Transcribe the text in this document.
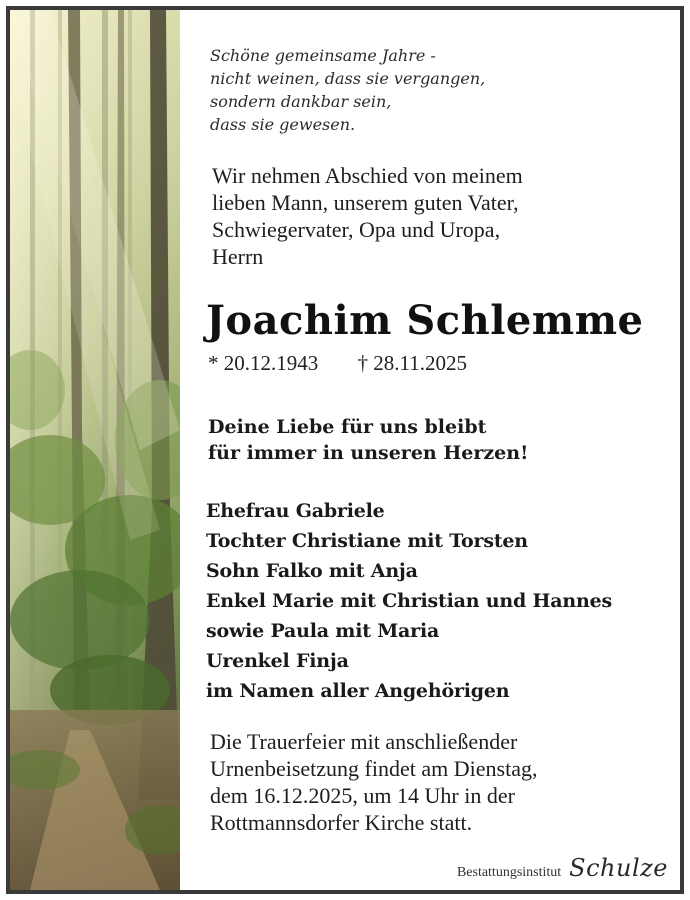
Schöne gemeinsame Jahre -
nicht weinen, dass sie vergangen,
sondern dankbar sein,
dass sie gewesen.
Wir nehmen Abschied von meinem
lieben Mann, unserem guten Vater,
Schwiegervater, Opa und Uropa,
Herrn
Joachim Schlemme
* 20.12.1943 † 28.11.2025
Deine Liebe für uns bleibt
für immer in unseren Herzen!
Ehefrau Gabriele
Tochter Christiane mit Torsten
Sohn Falko mit Anja
Enkel Marie mit Christian und Hannes
sowie Paula mit Maria
Urenkel Finja
im Namen aller Angehörigen
Die Trauerfeier mit anschließender
Urnenbeisetzung findet am Dienstag,
dem 16.12.2025, um 14 Uhr in der
Rottmannsdorfer Kirche statt.
Bestattungsinstitut Schulze
